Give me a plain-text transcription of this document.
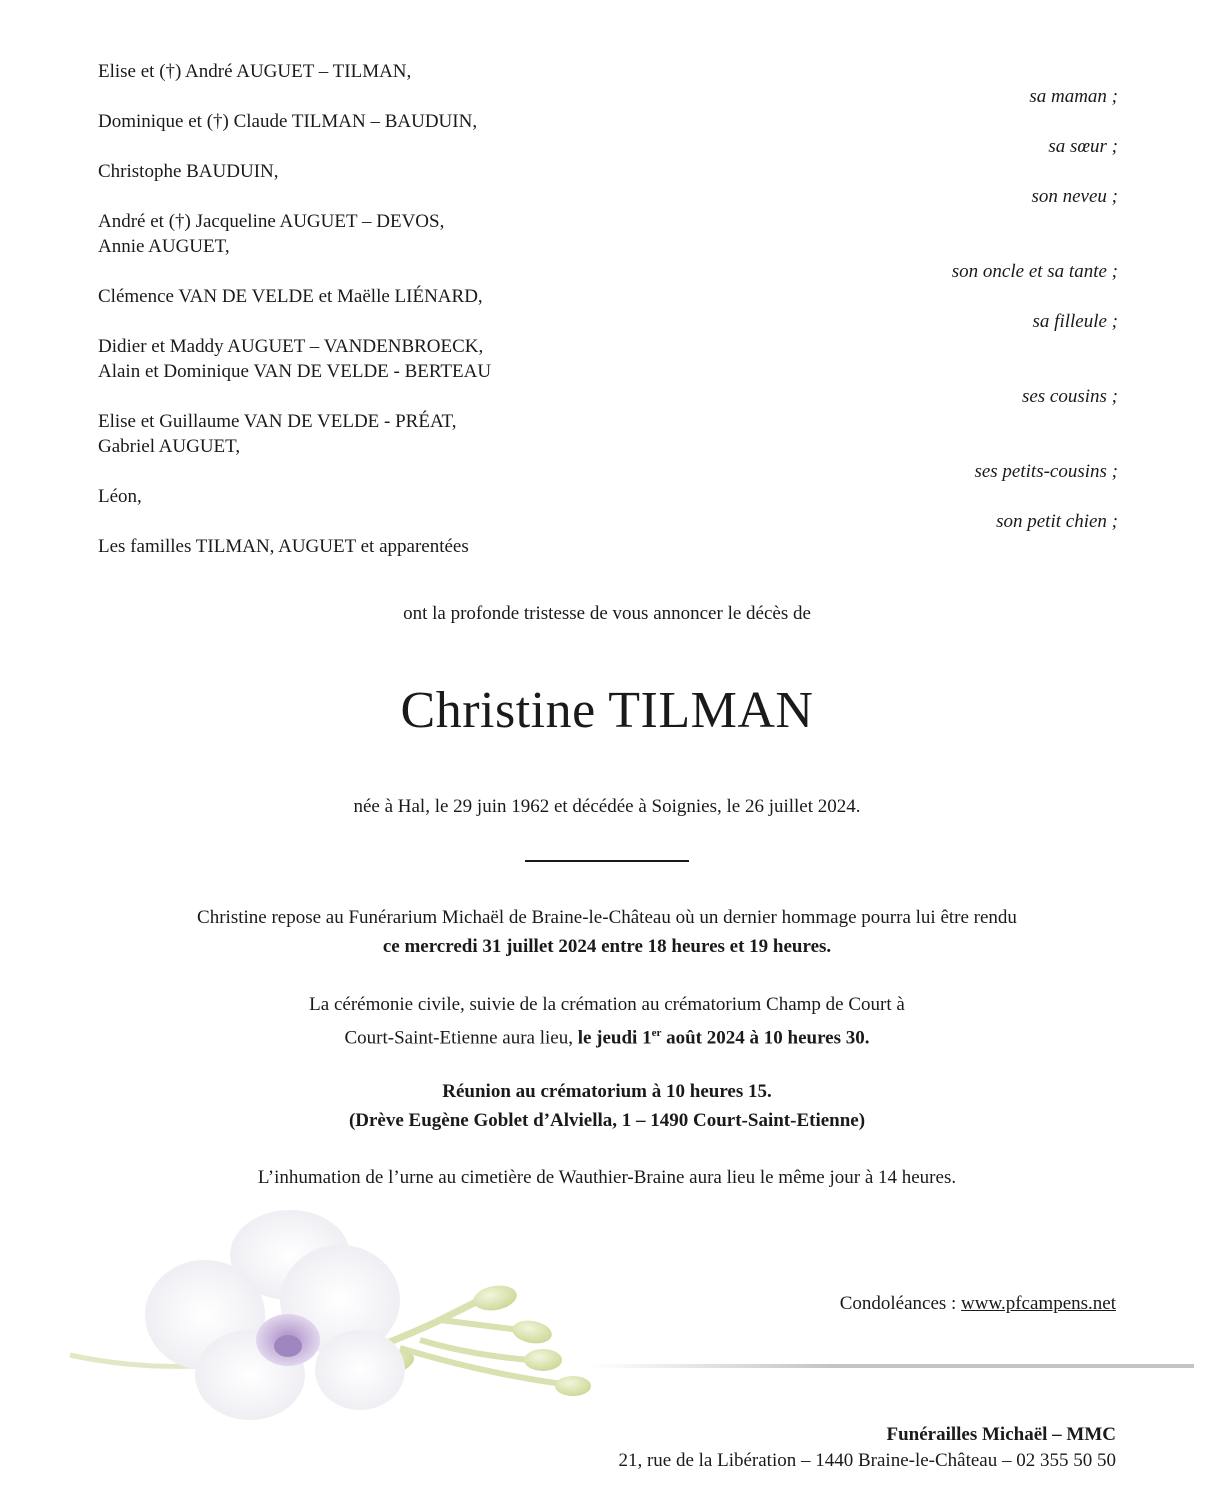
Elise et (†) André AUGUET – TILMAN,
sa maman ;
Dominique et (†) Claude TILMAN – BAUDUIN,
sa sœur ;
Christophe BAUDUIN,
son neveu ;
André et (†) Jacqueline AUGUET – DEVOS,
Annie AUGUET,
son oncle et sa tante ;
Clémence VAN DE VELDE et Maëlle LIÉNARD,
sa filleule ;
Didier et Maddy AUGUET – VANDENBROECK,
Alain et Dominique VAN DE VELDE - BERTEAU
ses cousins ;
Elise et Guillaume VAN DE VELDE - PRÉAT,
Gabriel AUGUET,
ses petits-cousins ;
Léon,
son petit chien ;
Les familles TILMAN, AUGUET et apparentées
ont la profonde tristesse de vous annoncer le décès de
Christine TILMAN
née à Hal, le 29 juin 1962 et décédée à Soignies, le 26 juillet 2024.
Christine repose au Funérarium Michaël de Braine-le-Château où un dernier hommage pourra lui être rendu
ce mercredi 31 juillet 2024 entre 18 heures et 19 heures.
La cérémonie civile, suivie de la crémation au crématorium Champ de Court à
Court-Saint-Etienne aura lieu, le jeudi 1er août 2024 à 10 heures 30.
Réunion au crématorium à 10 heures 15.
(Drève Eugène Goblet d’Alviella, 1 – 1490 Court-Saint-Etienne)
L’inhumation de l’urne au cimetière de Wauthier-Braine aura lieu le même jour à 14 heures.
Condoléances : www.pfcampens.net
Funérailles Michaël – MMC
21, rue de la Libération – 1440 Braine-le-Château – 02 355 50 50
